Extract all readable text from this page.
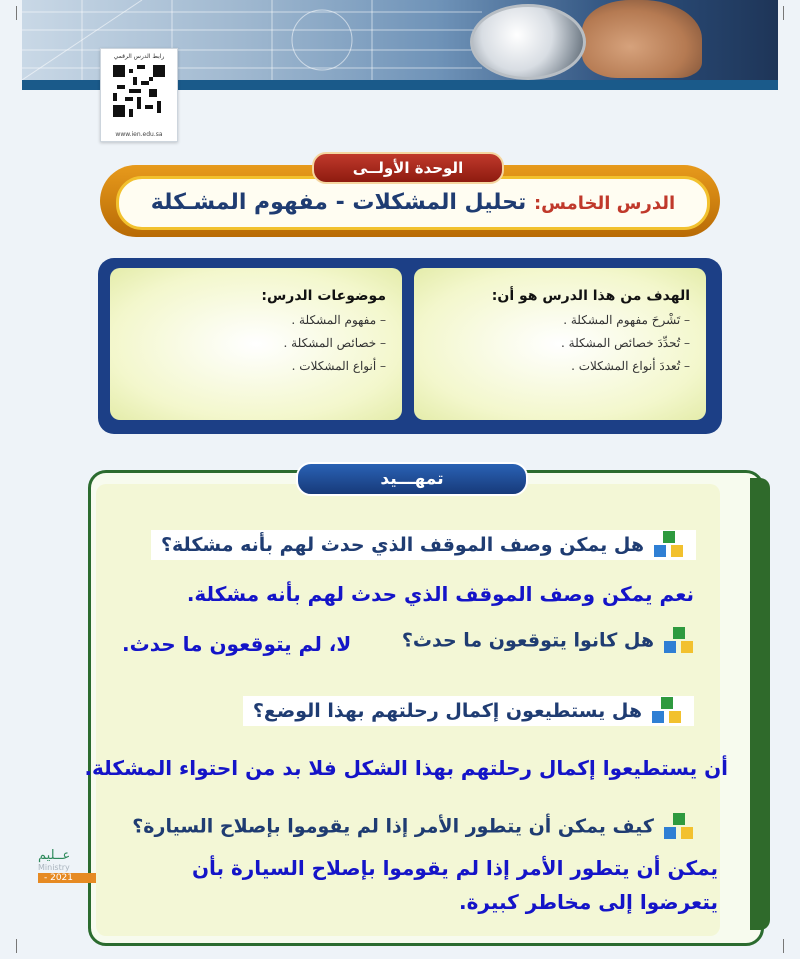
رابط الدرس الرقمي
www.ien.edu.sa
الوحدة الأولــى
الدرس الخامس: تحليل المشكلات - مفهوم المشـكلة
الهدف من هذا الدرس هو أن:
– تَشْرحَ مفهوم المشكلة .
– تُحدِّدَ خصائص المشكلة .
– تُعددَ أنواع المشكلات .
موضوعات الدرس:
– مفهوم المشكلة .
– خصائص المشكلة .
– أنواع المشكلات .
تمهـــيد
هل يمكن وصف الموقف الذي حدث لهم بأنه مشكلة؟
نعم يمكن وصف الموقف الذي حدث لهم بأنه مشكلة.
هل كانوا يتوقعون ما حدث؟
لا، لم يتوقعون ما حدث.
هل يستطيعون إكمال رحلتهم بهذا الوضع؟
أن يستطيعوا إكمال رحلتهم بهذا الشكل فلا بد من احتواء المشكلة.
كيف يمكن أن يتطور الأمر إذا لم يقوموا بإصلاح السيارة؟
يمكن أن يتطور الأمر إذا لم يقوموا بإصلاح السيارة بأن
يتعرضوا إلى مخاطر كبيرة.
عــليم
Ministry
2021 -
